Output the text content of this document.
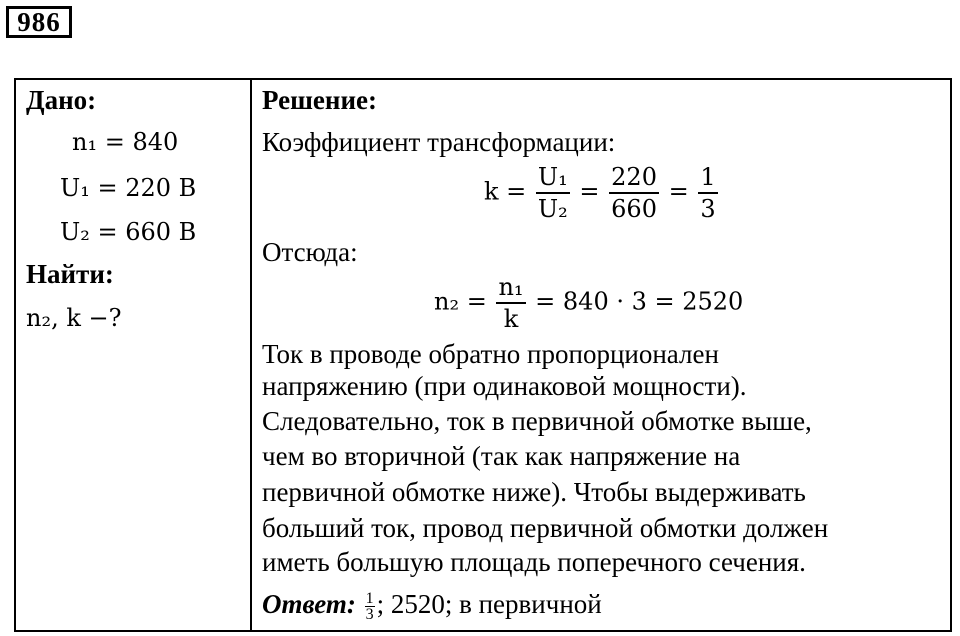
986
Дано:
n₁ = 840
U₁ = 220 В
U₂ = 660 В
Найти:
n₂, k −?
Решение:
Коэффициент трансформации:
$k = \frac{\text{U₁}}{\text{U₂}} = \frac{220}{660} = \frac{1}{3}$
Отсюда:
$n_2 = \frac{\text{n₁}}{k} = 840 \cdot 3 = 2520$
Ток в проводе обратно пропорционален
напряжению (при одинаковой мощности).
Следовательно, ток в первичной обмотке выше,
чем во вторичной (так как напряжение на
первичной обмотке ниже). Чтобы выдерживать
больший ток, провод первичной обмотки должен
иметь большую площадь поперечного сечения.
Ответ: $\frac{1}{3}$ ; 2520; в первичной
